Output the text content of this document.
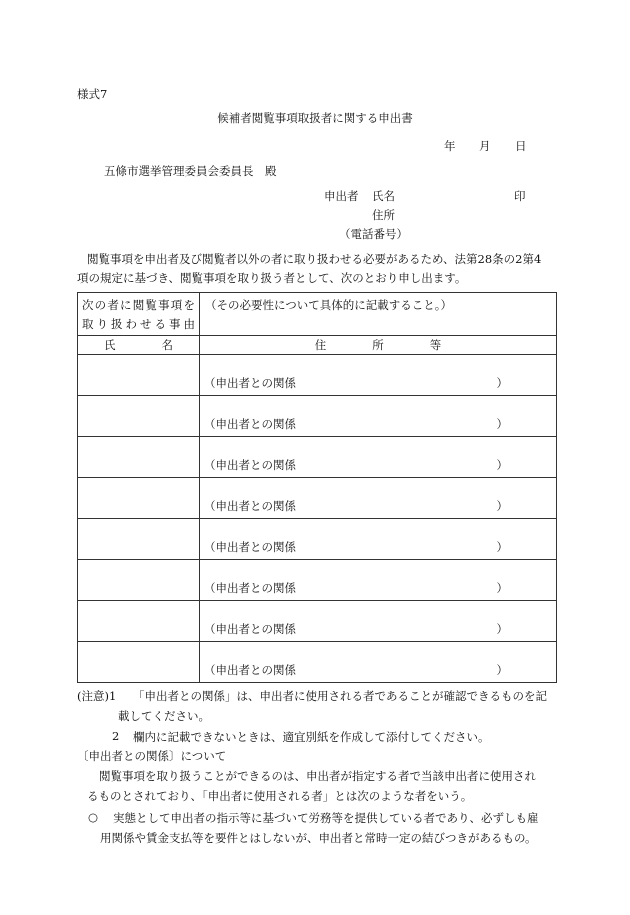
様式7
候補者閲覧事項取扱者に関する申出書
年 月 日
五條市選挙管理委員会委員長　殿
申出者 氏名	印
住所
（電話番号）
閲覧事項を申出者及び閲覧者以外の者に取り扱わせる必要があるため、法第28条の2第4
項の規定に基づき、閲覧事項を取り扱う者として、次のとおり申し出ます。
次の者に閲覧事項を
取り扱わせる事由	（その必要性について具体的に記載すること。）

氏 名	住 所 等

	（申出者との関係 ）

	（申出者との関係 ）

	（申出者との関係 ）

	（申出者との関係 ）

	（申出者との関係 ）

	（申出者との関係 ）

	（申出者との関係 ）

	（申出者との関係 ）
(注意)1 「申出者との関係」は、申出者に使用される者であることが確認できるものを記
載してください。
2 欄内に記載できないときは、適宜別紙を作成して添付してください。
〔申出者との関係〕について
閲覧事項を取り扱うことができるのは、申出者が指定する者で当該申出者に使用され
るものとされており、「申出者に使用される者」とは次のような者をいう。
○ 実態として申出者の指示等に基づいて労務等を提供している者であり、必ずしも雇
用関係や賃金支払等を要件とはしないが、申出者と常時一定の結びつきがあるもの。
